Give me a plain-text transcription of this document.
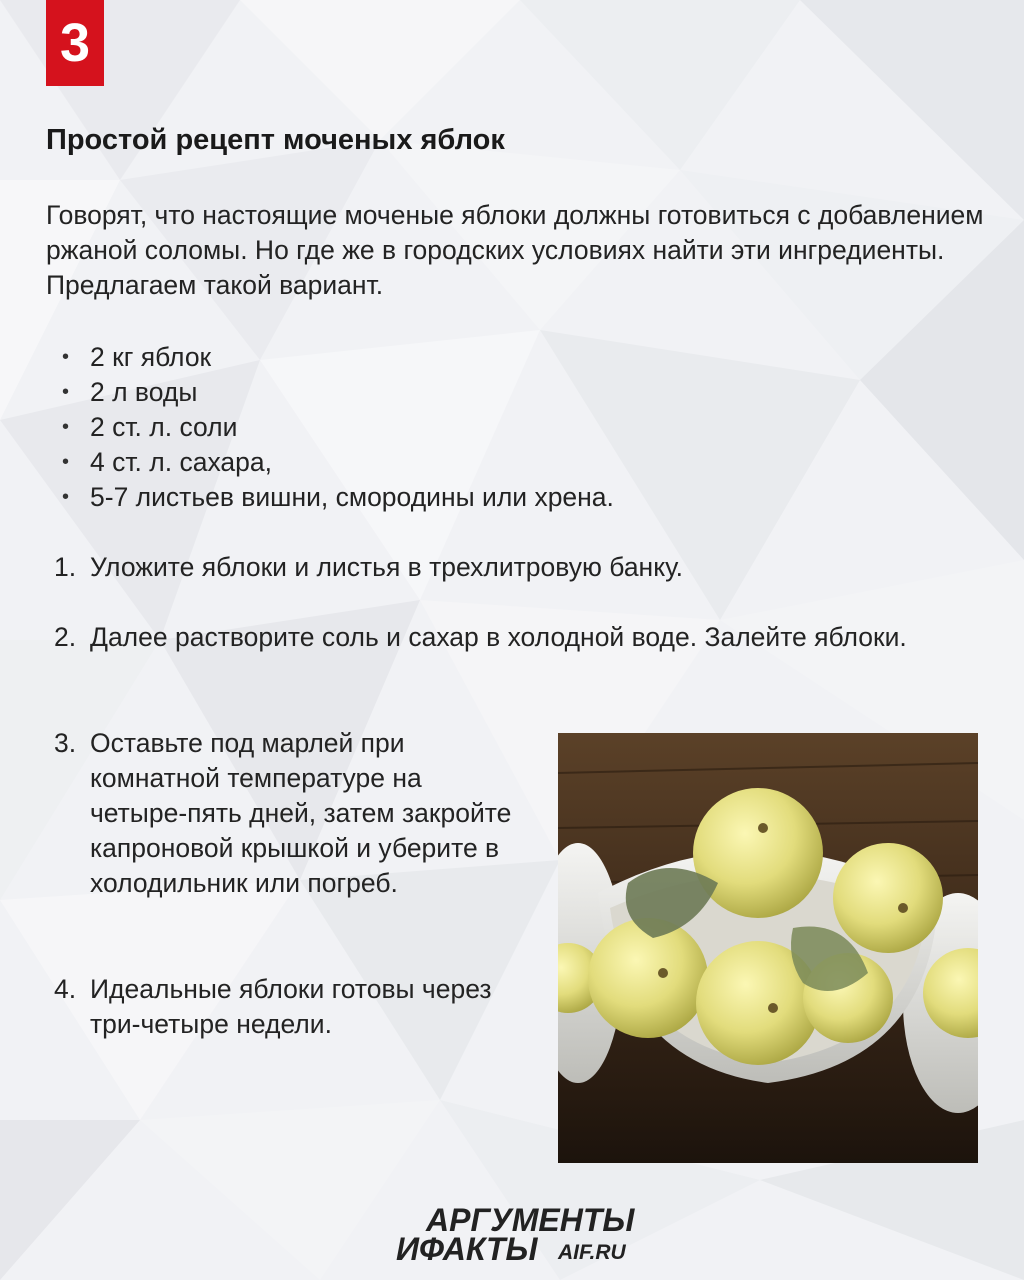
3
Простой рецепт моченых яблок

Говорят, что настоящие моченые яблоки должны готовиться с добавлением ржаной соломы. Но где же в городских условиях найти эти ингредиенты. Предлагаем такой вариант.

• 2 кг яблок
• 2 л воды
• 2 ст. л. соли
• 4 ст. л. сахара,
• 5-7 листьев вишни, смородины или хрена.
1. Уложите яблоки и листья в трехлитровую банку.
2. Далее растворите соль и сахар в холодной воде. Залейте яблоки.
3. Оставьте под марлей при комнатной температуре на четыре-пять дней, затем закройте капроновой крышкой и уберите в холодильник или погреб.
4. Идеальные яблоки готовы через три-четыре недели.
АРГУМЕНТЫ
ИФАКТЫ AIF.RU
